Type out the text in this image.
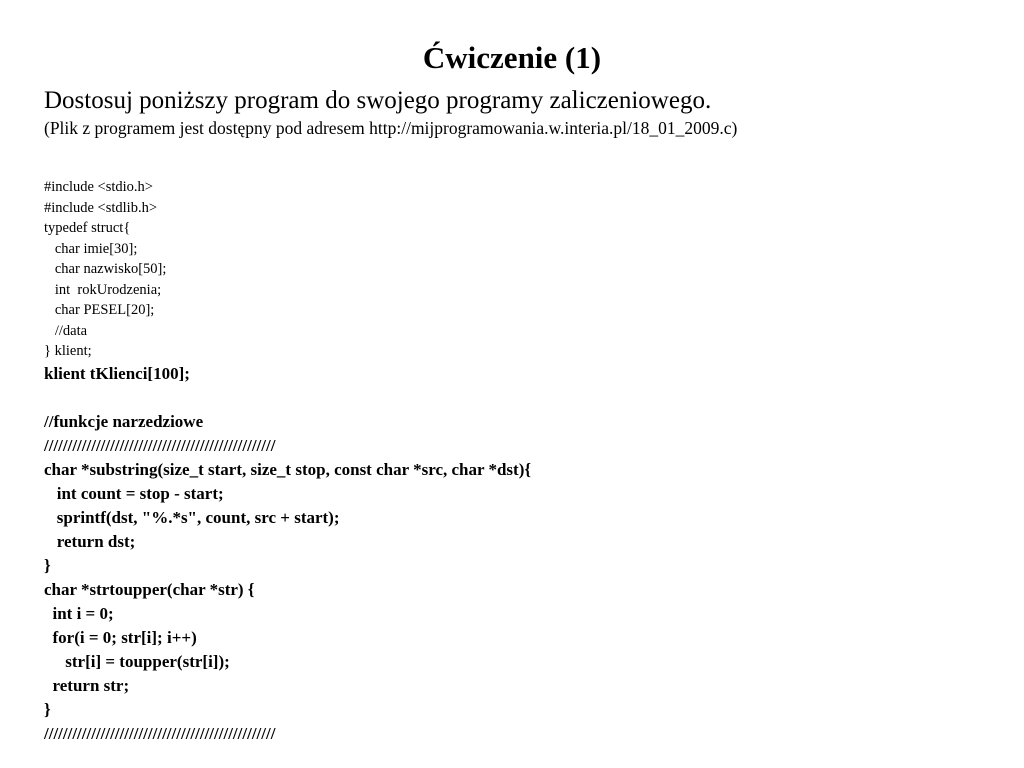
Ćwiczenie (1)
Dostosuj poniższy program do swojego programy zaliczeniowego.
(Plik z programem jest dostępny pod adresem http://mijprogramowania.w.interia.pl/18_01_2009.c)
#include <stdio.h>
#include <stdlib.h>
typedef struct{
char imie[30];
char nazwisko[50];
int  rokUrodzenia;
char PESEL[20];
//data
} klient;
klient tKlienci[100];
//funkcje narzedziowe
/////////////////////////////////////////////////
char *substring(size_t start, size_t stop, const char *src, char *dst){
int count = stop - start;
sprintf(dst, "%.*s", count, src + start);
return dst;
}
char *strtoupper(char *str) {
int i = 0;
for(i = 0; str[i]; i++)
str[i] = toupper(str[i]);
return str;
}
/////////////////////////////////////////////////
